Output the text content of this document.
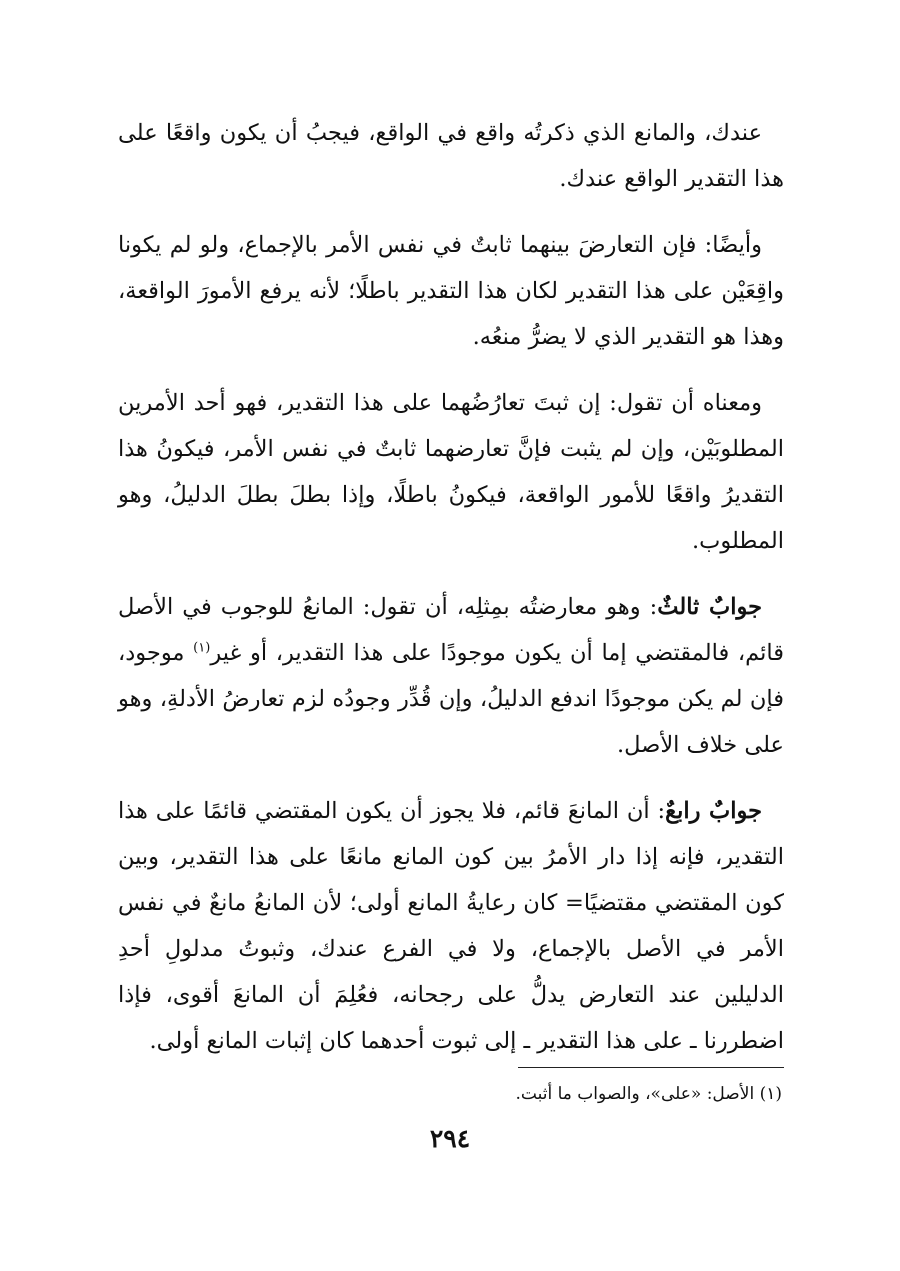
عندك، والمانع الذي ذكرتُه واقع في الواقع، فيجبُ أن يكون واقعًا على هذا التقدير الواقع عندك.

وأيضًا: فإن التعارضَ بينهما ثابتٌ في نفس الأمر بالإجماع، ولو لم يكونا واقِعَيْن على هذا التقدير لكان هذا التقدير باطلًا؛ لأنه يرفع الأمورَ الواقعة، وهذا هو التقدير الذي لا يضرُّ منعُه.

ومعناه أن تقول: إن ثبتَ تعارُضُهما على هذا التقدير، فهو أحد الأمرين المطلوبَيْن، وإن لم يثبت فإنَّ تعارضهما ثابتٌ في نفس الأمر، فيكونُ هذا التقديرُ واقعًا للأمور الواقعة، فيكونُ باطلًا، وإذا بطلَ بطلَ الدليلُ، وهو المطلوب.

جوابٌ ثالثٌ: وهو معارضتُه بمِثلِه، أن تقول: المانعُ للوجوب في الأصل قائم، فالمقتضي إما أن يكون موجودًا على هذا التقدير، أو غير$^{(١)}$ موجود، فإن لم يكن موجودًا اندفع الدليلُ، وإن قُدِّر وجودُه لزم تعارضُ الأدلةِ، وهو على خلاف الأصل.

جوابٌ رابعٌ: أن المانعَ قائم، فلا يجوز أن يكون المقتضي قائمًا على هذا التقدير، فإنه إذا دار الأمرُ بين كون المانع مانعًا على هذا التقدير، وبين كون المقتضي مقتضيًا= كان رعايةُ المانع أولى؛ لأن المانعُ مانعٌ في نفس الأمر في الأصل بالإجماع، ولا في الفرع عندك، وثبوتُ مدلولِ أحدِ الدليلين عند التعارض يدلُّ على رجحانه، فعُلِمَ أن المانعَ أقوى، فإذا اضطررنا ـ على هذا التقدير ـ إلى ثبوت أحدهما كان إثبات المانع أولى.

(١) الأصل: «على»، والصواب ما أثبت.
٢٩٤
